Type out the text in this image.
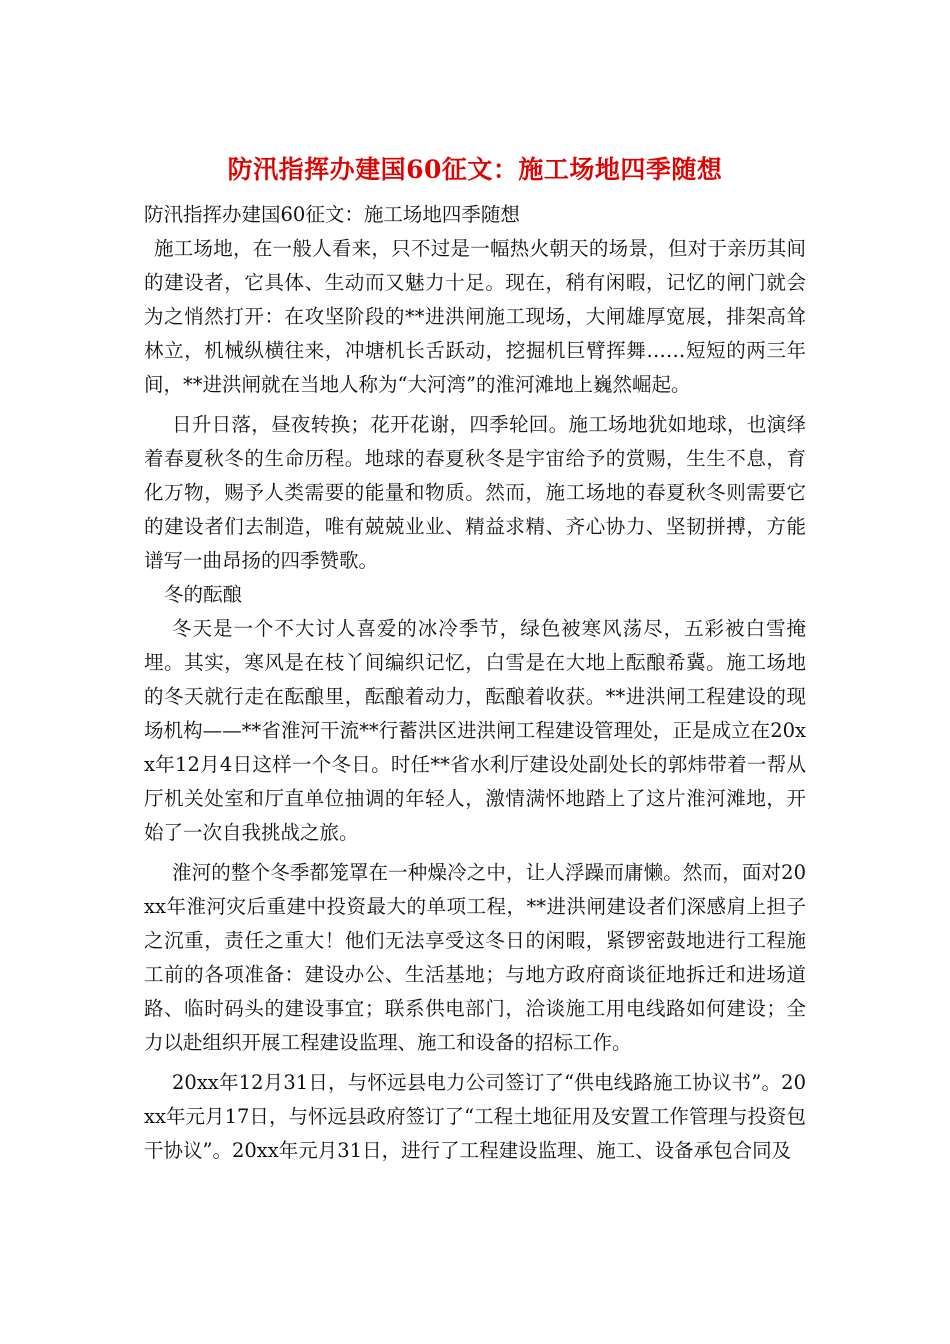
防汛指挥办建国60征文：施工场地四季随想

防汛指挥办建国60征文：施工场地四季随想

施工场地，在一般人看来，只不过是一幅热火朝天的场景，但对于亲历其间的建设者，它具体、生动而又魅力十足。现在，稍有闲暇，记忆的闸门就会为之悄然打开：在攻坚阶段的**进洪闸施工现场，大闸雄厚宽展，排架高耸林立，机械纵横往来，冲塘机长舌跃动，挖掘机巨臂挥舞……短短的两三年间，**进洪闸就在当地人称为“大河湾”的淮河滩地上巍然崛起。

日升日落，昼夜转换；花开花谢，四季轮回。施工场地犹如地球，也演绎着春夏秋冬的生命历程。地球的春夏秋冬是宇宙给予的赏赐，生生不息，育化万物，赐予人类需要的能量和物质。然而，施工场地的春夏秋冬则需要它的建设者们去制造，唯有兢兢业业、精益求精、齐心协力、坚韧拼搏，方能谱写一曲昂扬的四季赞歌。

冬的酝酿

冬天是一个不大讨人喜爱的冰冷季节，绿色被寒风荡尽，五彩被白雪掩埋。其实，寒风是在枝丫间编织记忆，白雪是在大地上酝酿希冀。施工场地的冬天就行走在酝酿里，酝酿着动力，酝酿着收获。**进洪闸工程建设的现场机构——**省淮河干流**行蓄洪区进洪闸工程建设管理处，正是成立在20xx年12月4日这样一个冬日。时任**省水利厅建设处副处长的郭炜带着一帮从厅机关处室和厅直单位抽调的年轻人，激情满怀地踏上了这片淮河滩地，开始了一次自我挑战之旅。

淮河的整个冬季都笼罩在一种燥冷之中，让人浮躁而庸懒。然而，面对20xx年淮河灾后重建中投资最大的单项工程，**进洪闸建设者们深感肩上担子之沉重，责任之重大！他们无法享受这冬日的闲暇，紧锣密鼓地进行工程施工前的各项准备：建设办公、生活基地；与地方政府商谈征地拆迁和进场道路、临时码头的建设事宜；联系供电部门，洽谈施工用电线路如何建设；全力以赴组织开展工程建设监理、施工和设备的招标工作。

20xx年12月31日，与怀远县电力公司签订了“供电线路施工协议书”。20xx年元月17日，与怀远县政府签订了“工程土地征用及安置工作管理与投资包干协议”。20xx年元月31日，进行了工程建设监理、施工、设备承包合同及
